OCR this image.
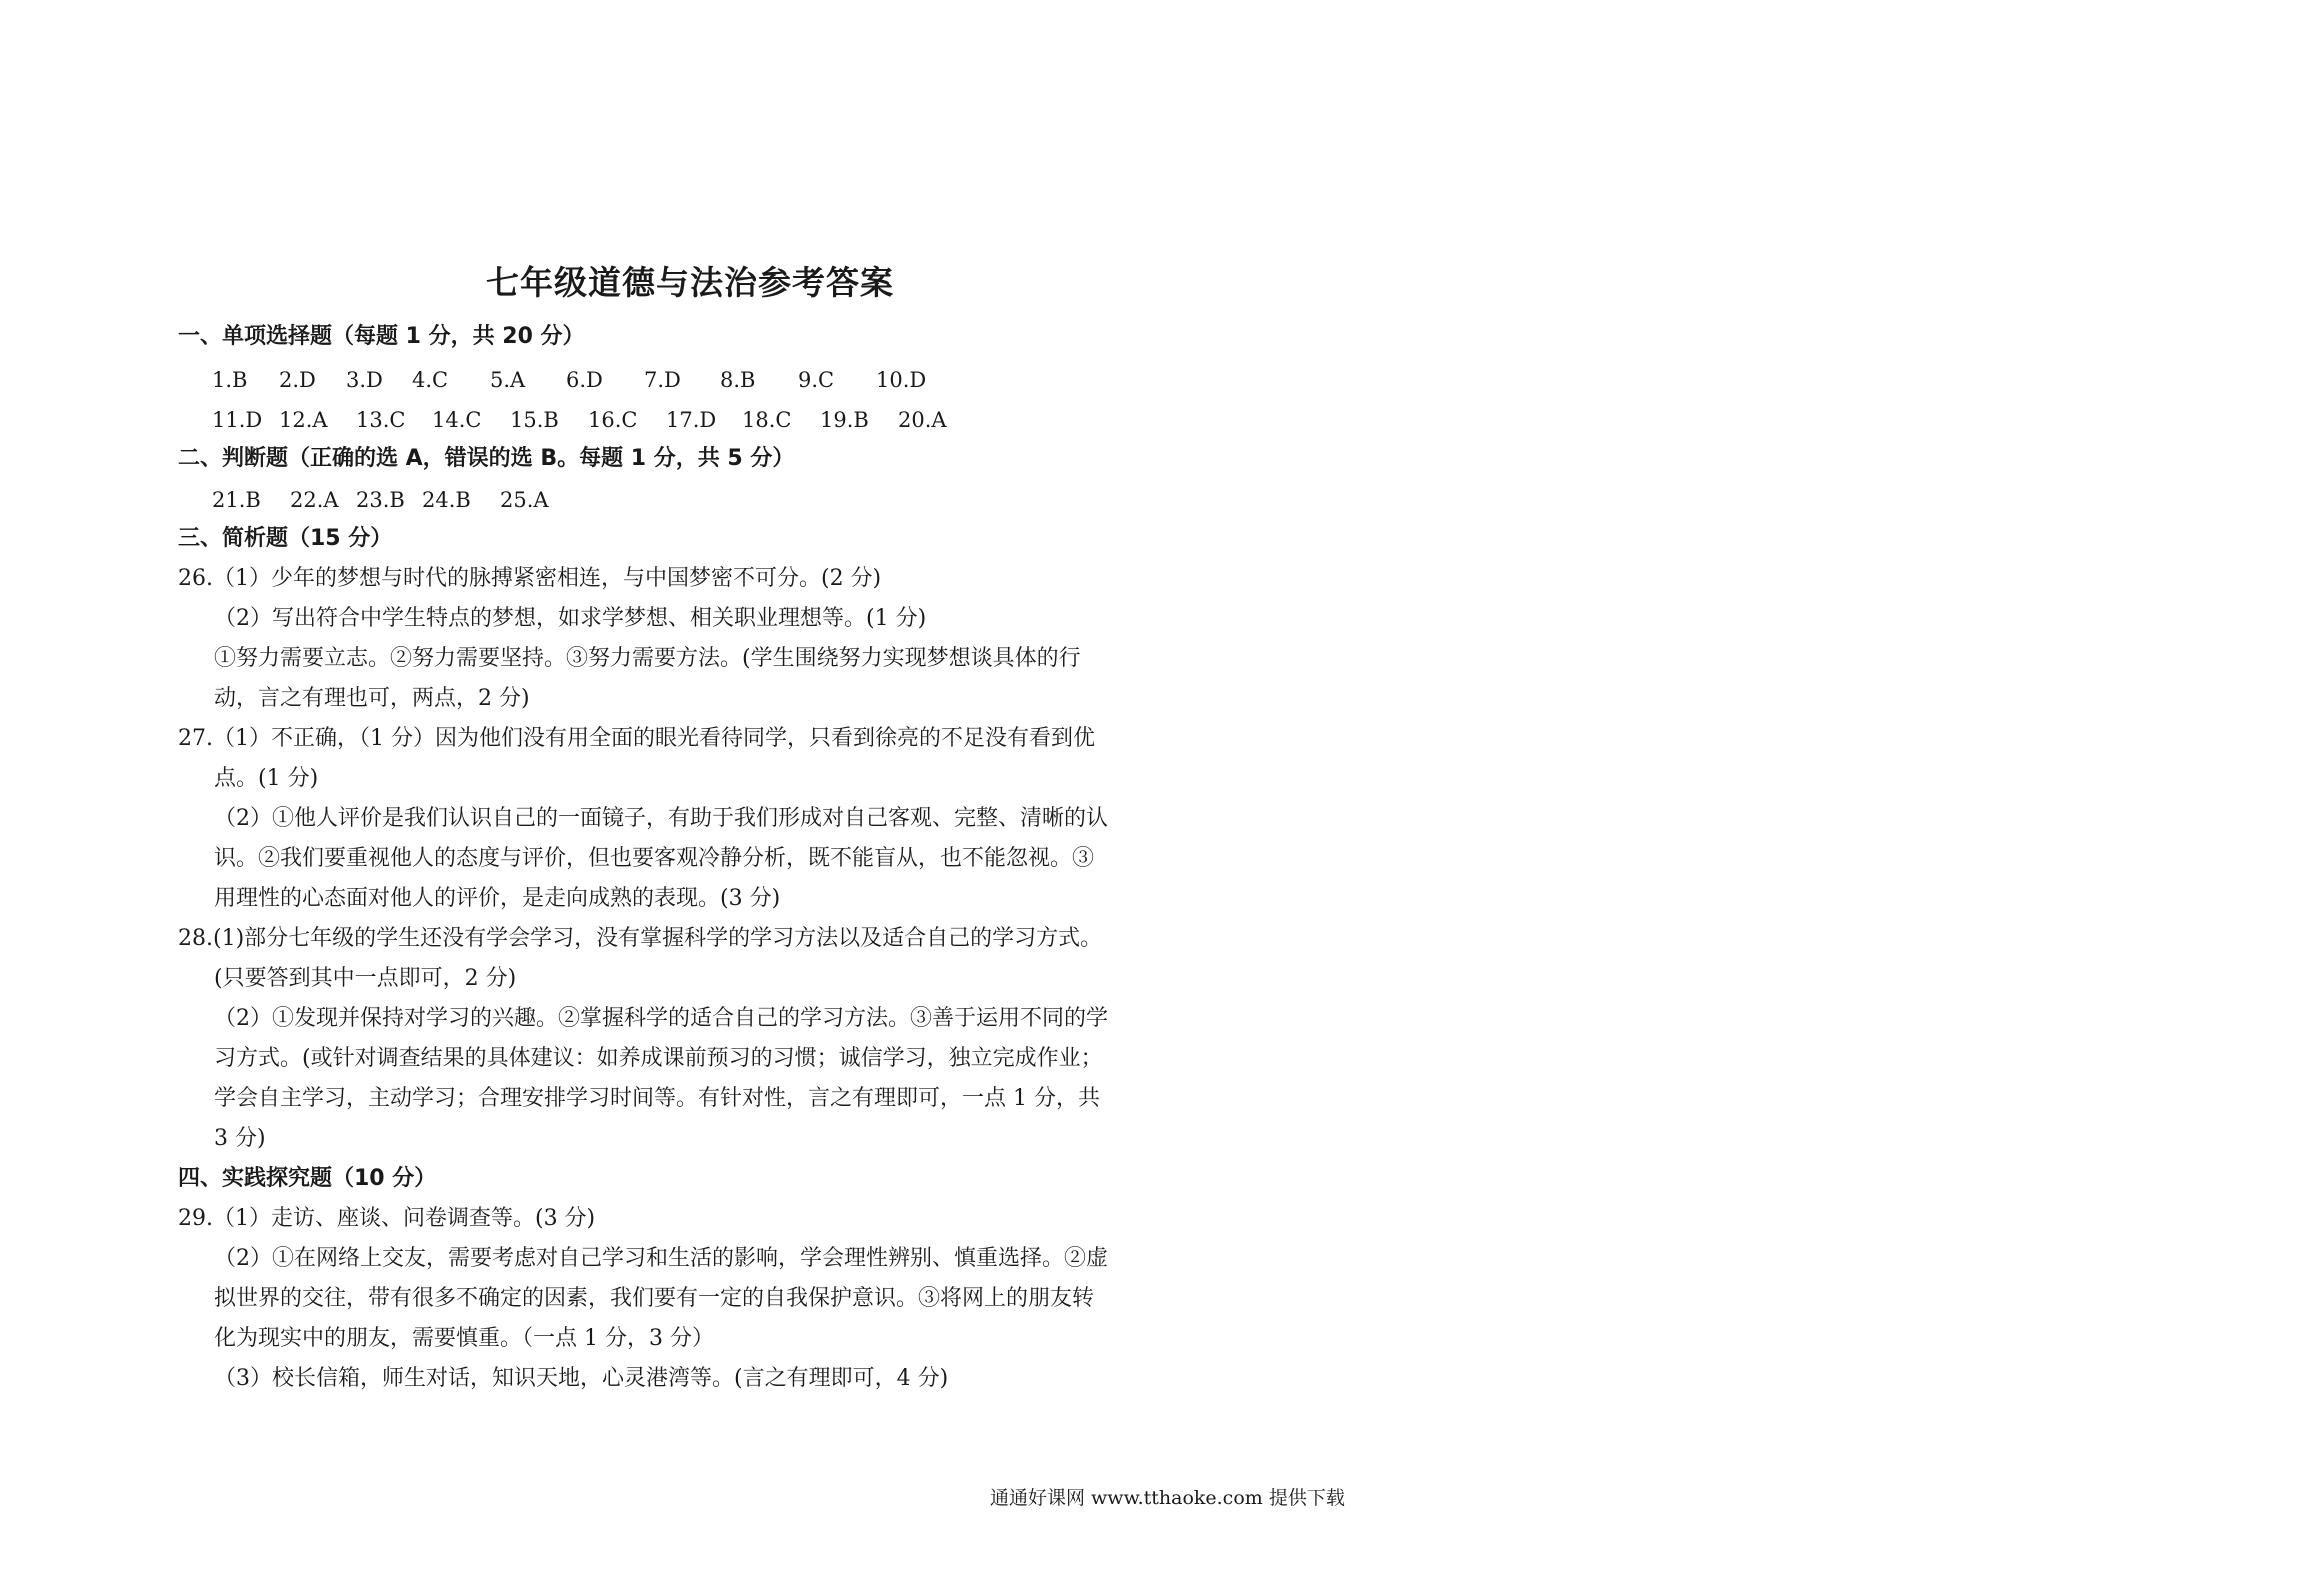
七年级道德与法治参考答案
一、单项选择题（每题 1 分，共 20 分）
1.B 2.D 3.D 4.C 5.A 6.D 7.D 8.B 9.C 10.D
11.D 12.A 13.C 14.C 15.B 16.C 17.D 18.C 19.B 20.A
二、判断题（正确的选 A，错误的选 B。每题 1 分，共 5 分）
21.B 22.A 23.B 24.B 25.A
三、简析题（15 分）
26.（1）少年的梦想与时代的脉搏紧密相连，与中国梦密不可分。(2 分)
（2）写出符合中学生特点的梦想，如求学梦想、相关职业理想等。(1 分)
①努力需要立志。②努力需要坚持。③努力需要方法。(学生围绕努力实现梦想谈具体的行
动，言之有理也可，两点，2 分)
27.（1）不正确，（1 分）因为他们没有用全面的眼光看待同学，只看到徐亮的不足没有看到优
点。(1 分)
（2）①他人评价是我们认识自己的一面镜子，有助于我们形成对自己客观、完整、清晰的认
识。②我们要重视他人的态度与评价，但也要客观冷静分析，既不能盲从，也不能忽视。③
用理性的心态面对他人的评价，是走向成熟的表现。(3 分)
28.(1)部分七年级的学生还没有学会学习，没有掌握科学的学习方法以及适合自己的学习方式。
(只要答到其中一点即可，2 分)
（2）①发现并保持对学习的兴趣。②掌握科学的适合自己的学习方法。③善于运用不同的学
习方式。(或针对调查结果的具体建议：如养成课前预习的习惯；诚信学习，独立完成作业；
学会自主学习，主动学习；合理安排学习时间等。有针对性，言之有理即可，一点 1 分，共
3 分)
四、实践探究题（10 分）
29.（1）走访、座谈、问卷调查等。(3 分)
（2）①在网络上交友，需要考虑对自己学习和生活的影响，学会理性辨别、慎重选择。②虚
拟世界的交往，带有很多不确定的因素，我们要有一定的自我保护意识。③将网上的朋友转
化为现实中的朋友，需要慎重。（一点 1 分，3 分）
（3）校长信箱，师生对话，知识天地，心灵港湾等。(言之有理即可，4 分)
通通好课网 www.tthaoke.com 提供下载
